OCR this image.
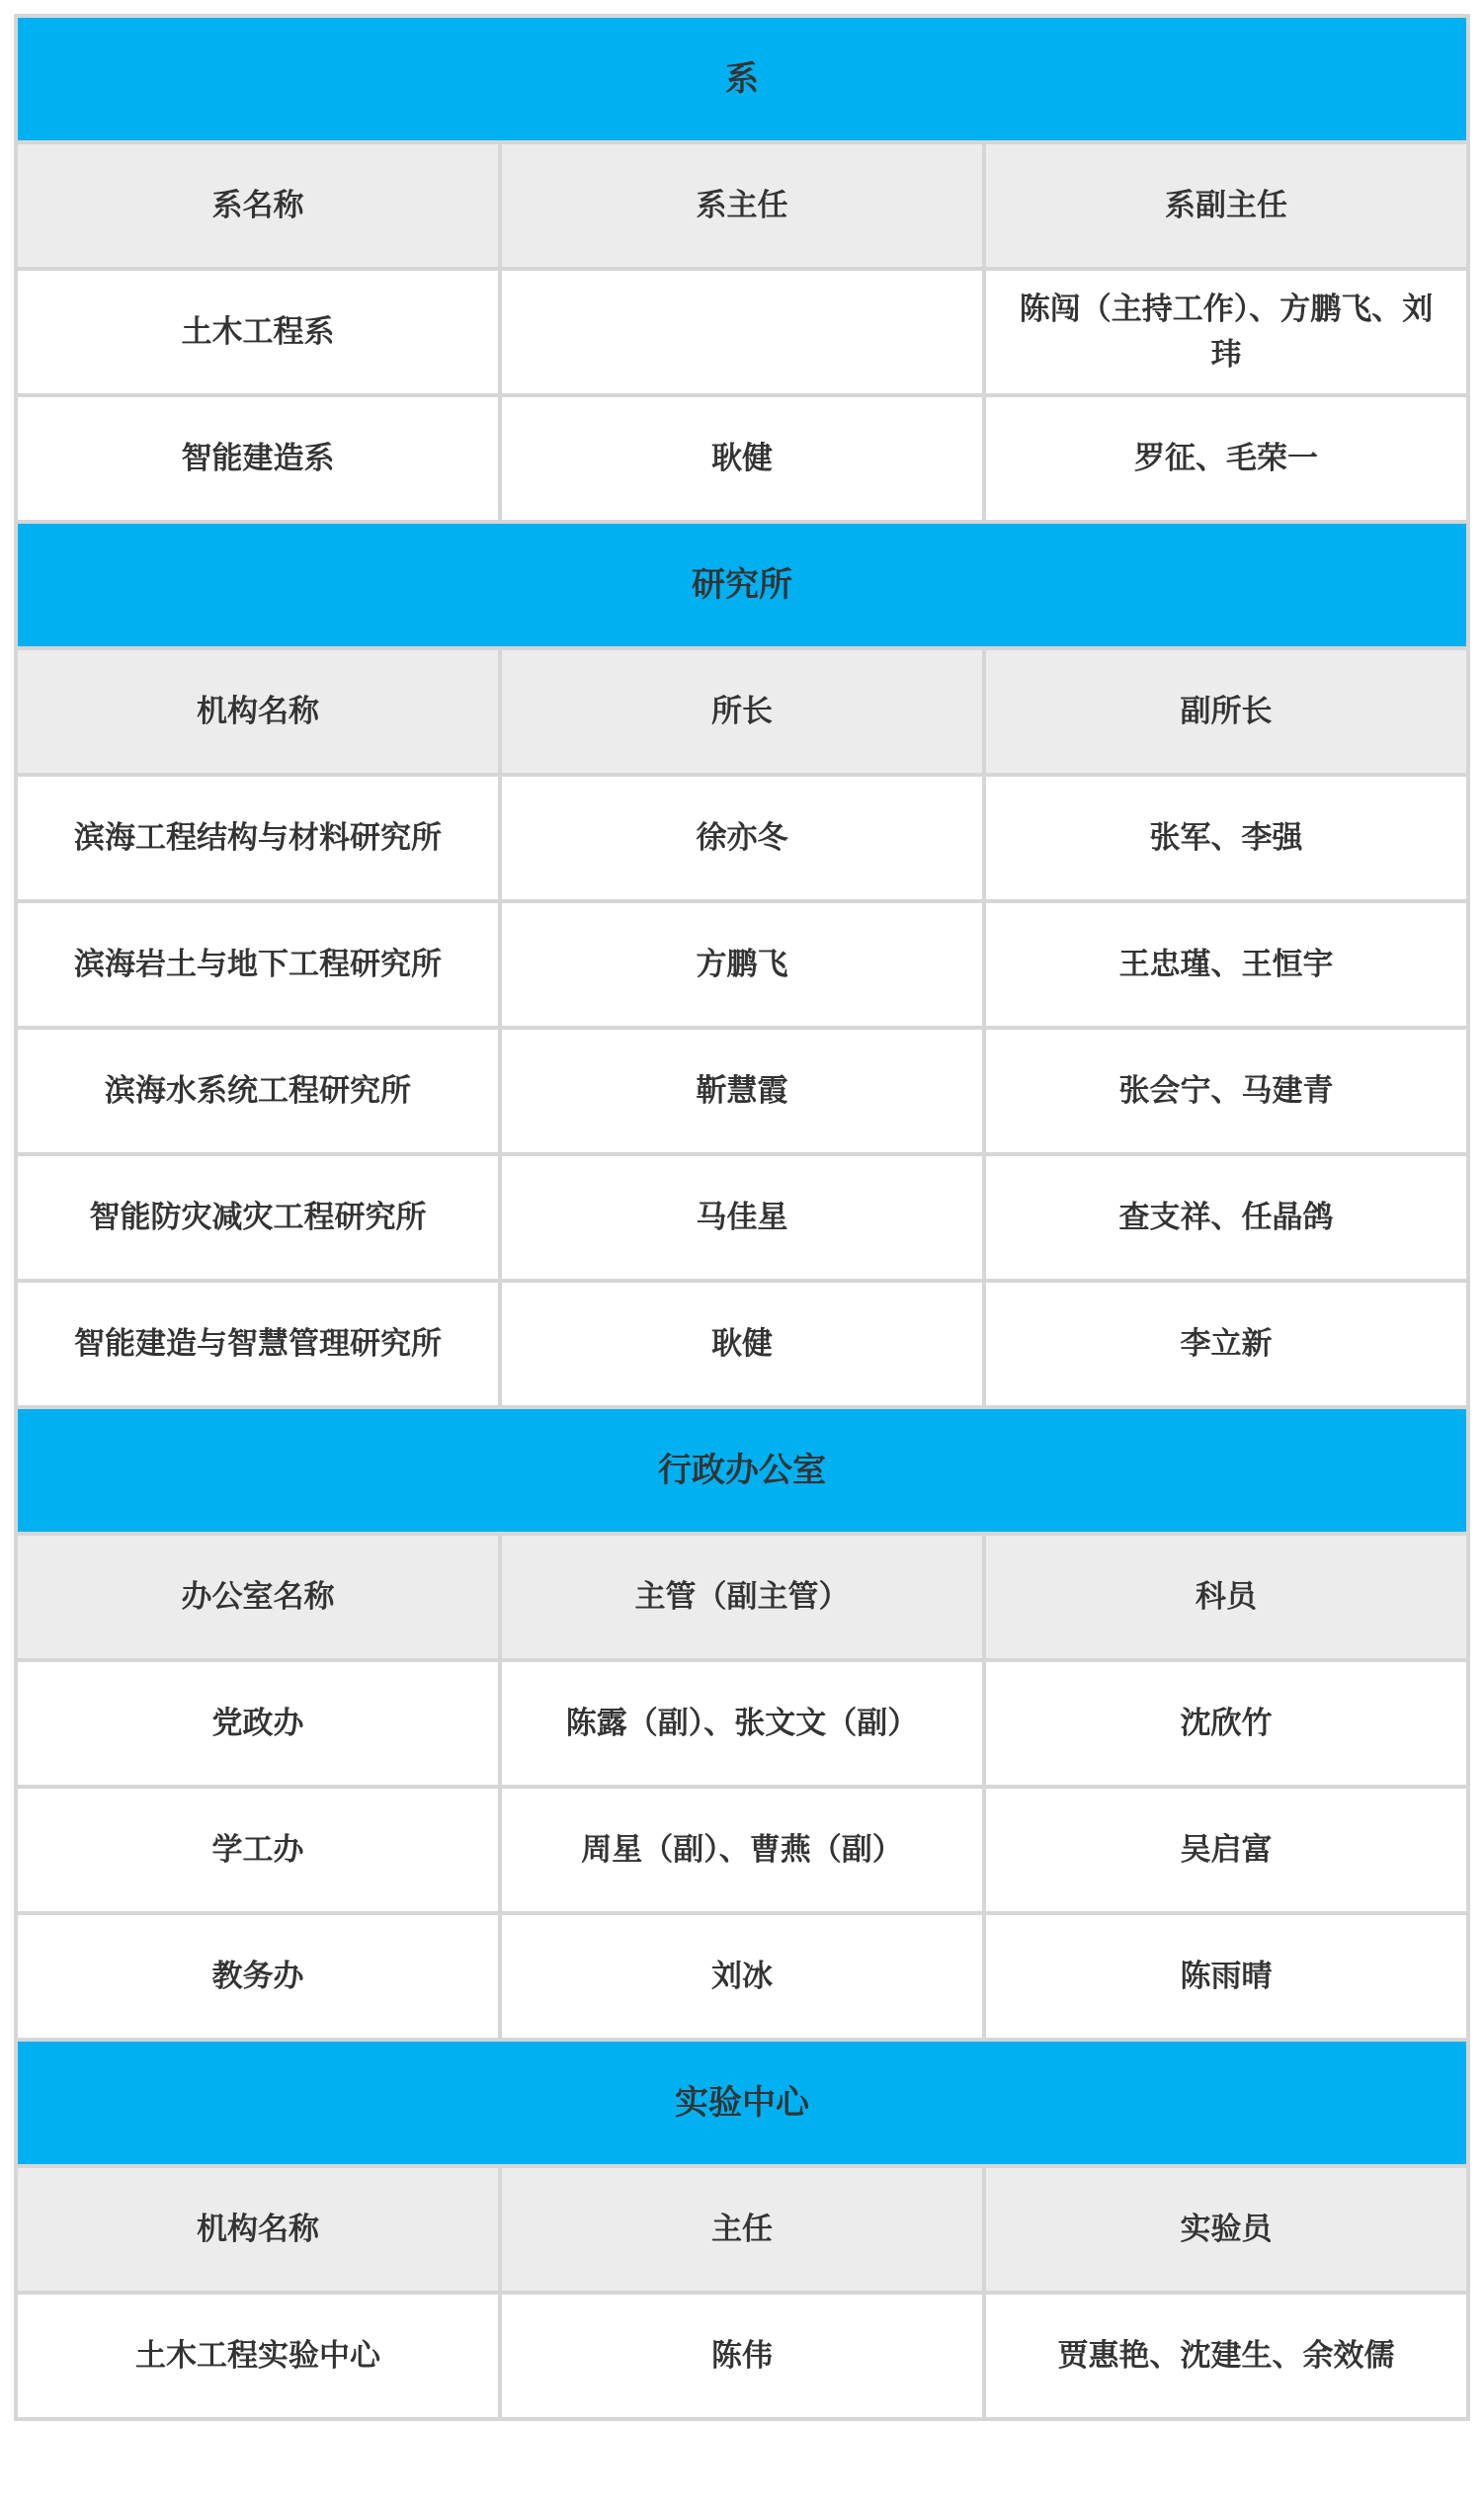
系		
系名称	系主任	系副主任
土木工程系		陈闯（主持工作）、方鹏飞、刘玮
智能建造系	耿健	罗征、毛荣一
研究所		
机构名称	所长	副所长
滨海工程结构与材料研究所	徐亦冬	张军、李强
滨海岩土与地下工程研究所	方鹏飞	王忠瑾、王恒宇
滨海水系统工程研究所	靳慧霞	张会宁、马建青
智能防灾减灾工程研究所	马佳星	查支祥、任晶鸽
智能建造与智慧管理研究所	耿健	李立新
行政办公室		
办公室名称	主管（副主管）	科员
党政办	陈露（副）、张文文（副）	沈欣竹
学工办	周星（副）、曹燕（副）	吴启富
教务办	刘冰	陈雨晴
实验中心		
机构名称	主任	实验员
土木工程实验中心	陈伟	贾惠艳、沈建生、余效儒
